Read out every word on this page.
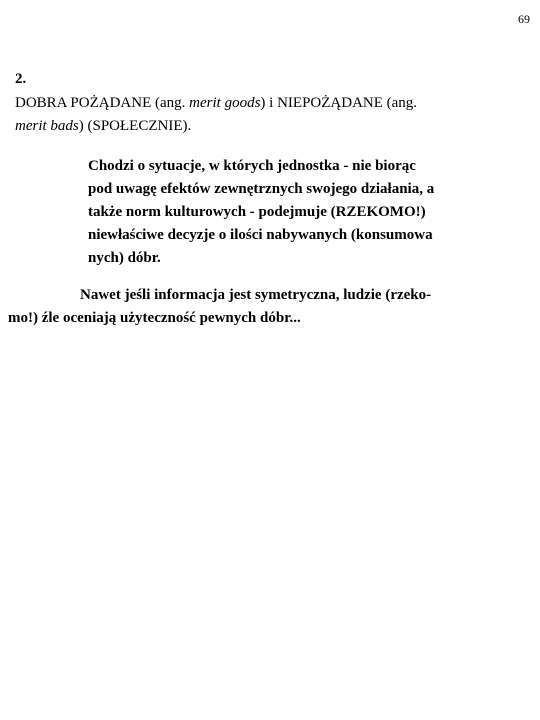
69
2.
DOBRA POŻĄDANE (ang. merit goods) i NIEPOŻĄDANE (ang.
merit bads) (SPOŁECZNIE).
Chodzi o sytuacje, w których jednostka - nie biorąc
pod uwagę efektów zewnętrznych swojego działania, a
także norm kulturowych - podejmuje (RZEKOMO!)
niewłaściwe decyzje o ilości nabywanych (konsumowa
nych) dóbr.
Nawet jeśli informacja jest symetryczna, ludzie (rzeko-
mo!) źle oceniają użyteczność pewnych dóbr...
